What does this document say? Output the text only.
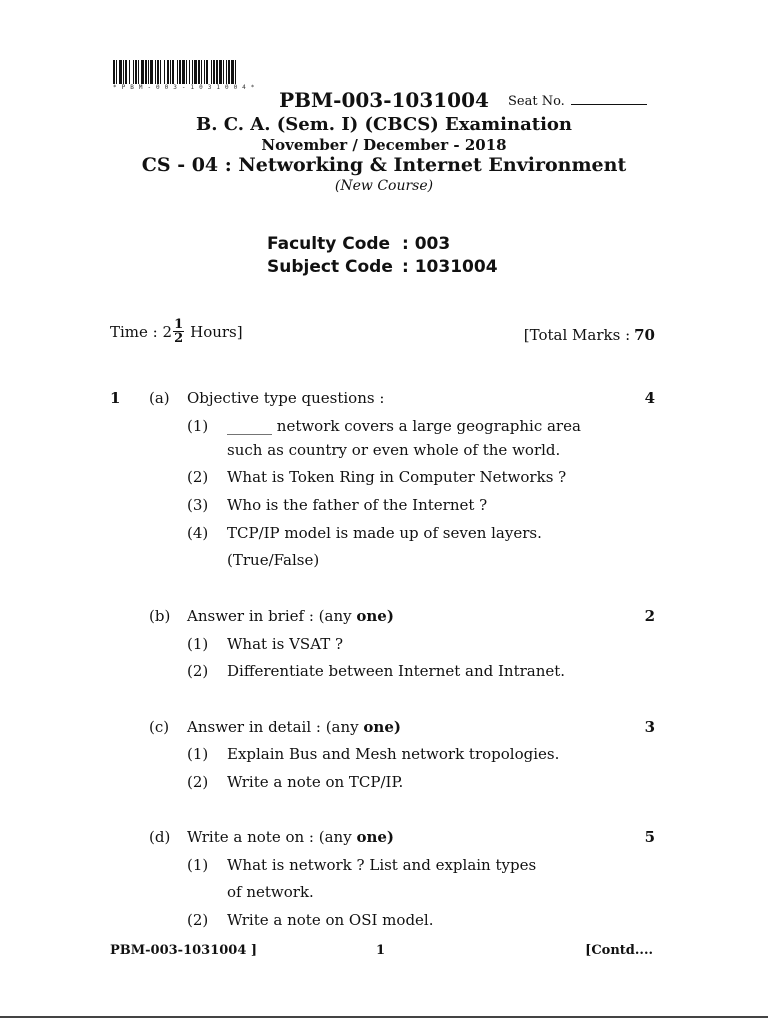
*PBM-003-1031004*
PBM-003-1031004	Seat No.
B. C. A. (Sem. I) (CBCS) Examination
November / December - 2018
CS - 04 : Networking & Internet Environment
(New Course)
Faculty Code : 003
Subject Code : 1031004
Time :
$2 \frac{1}{2}$ Hours]	[Total Marks : 70
1 (a) Objective type questions :	4
(1) ______ network covers a large geographic area
such as country or even whole of the world.
(2) What is Token Ring in Computer Networks ?
(3) Who is the father of the Internet ?
(4) TCP/IP model is made up of seven layers.
(True/False)
(b) Answer in brief : (any one)	2
(1) What is VSAT ?
(2) Differentiate between Internet and Intranet.
(c) Answer in detail : (any one)	3
(1) Explain Bus and Mesh network tropologies.
(2) Write a note on TCP/IP.
(d) Write a note on : (any one)	5
(1) What is network ? List and explain types
of network.
(2) Write a note on OSI model.
PBM-003-1031004 ]	1	[Contd....
